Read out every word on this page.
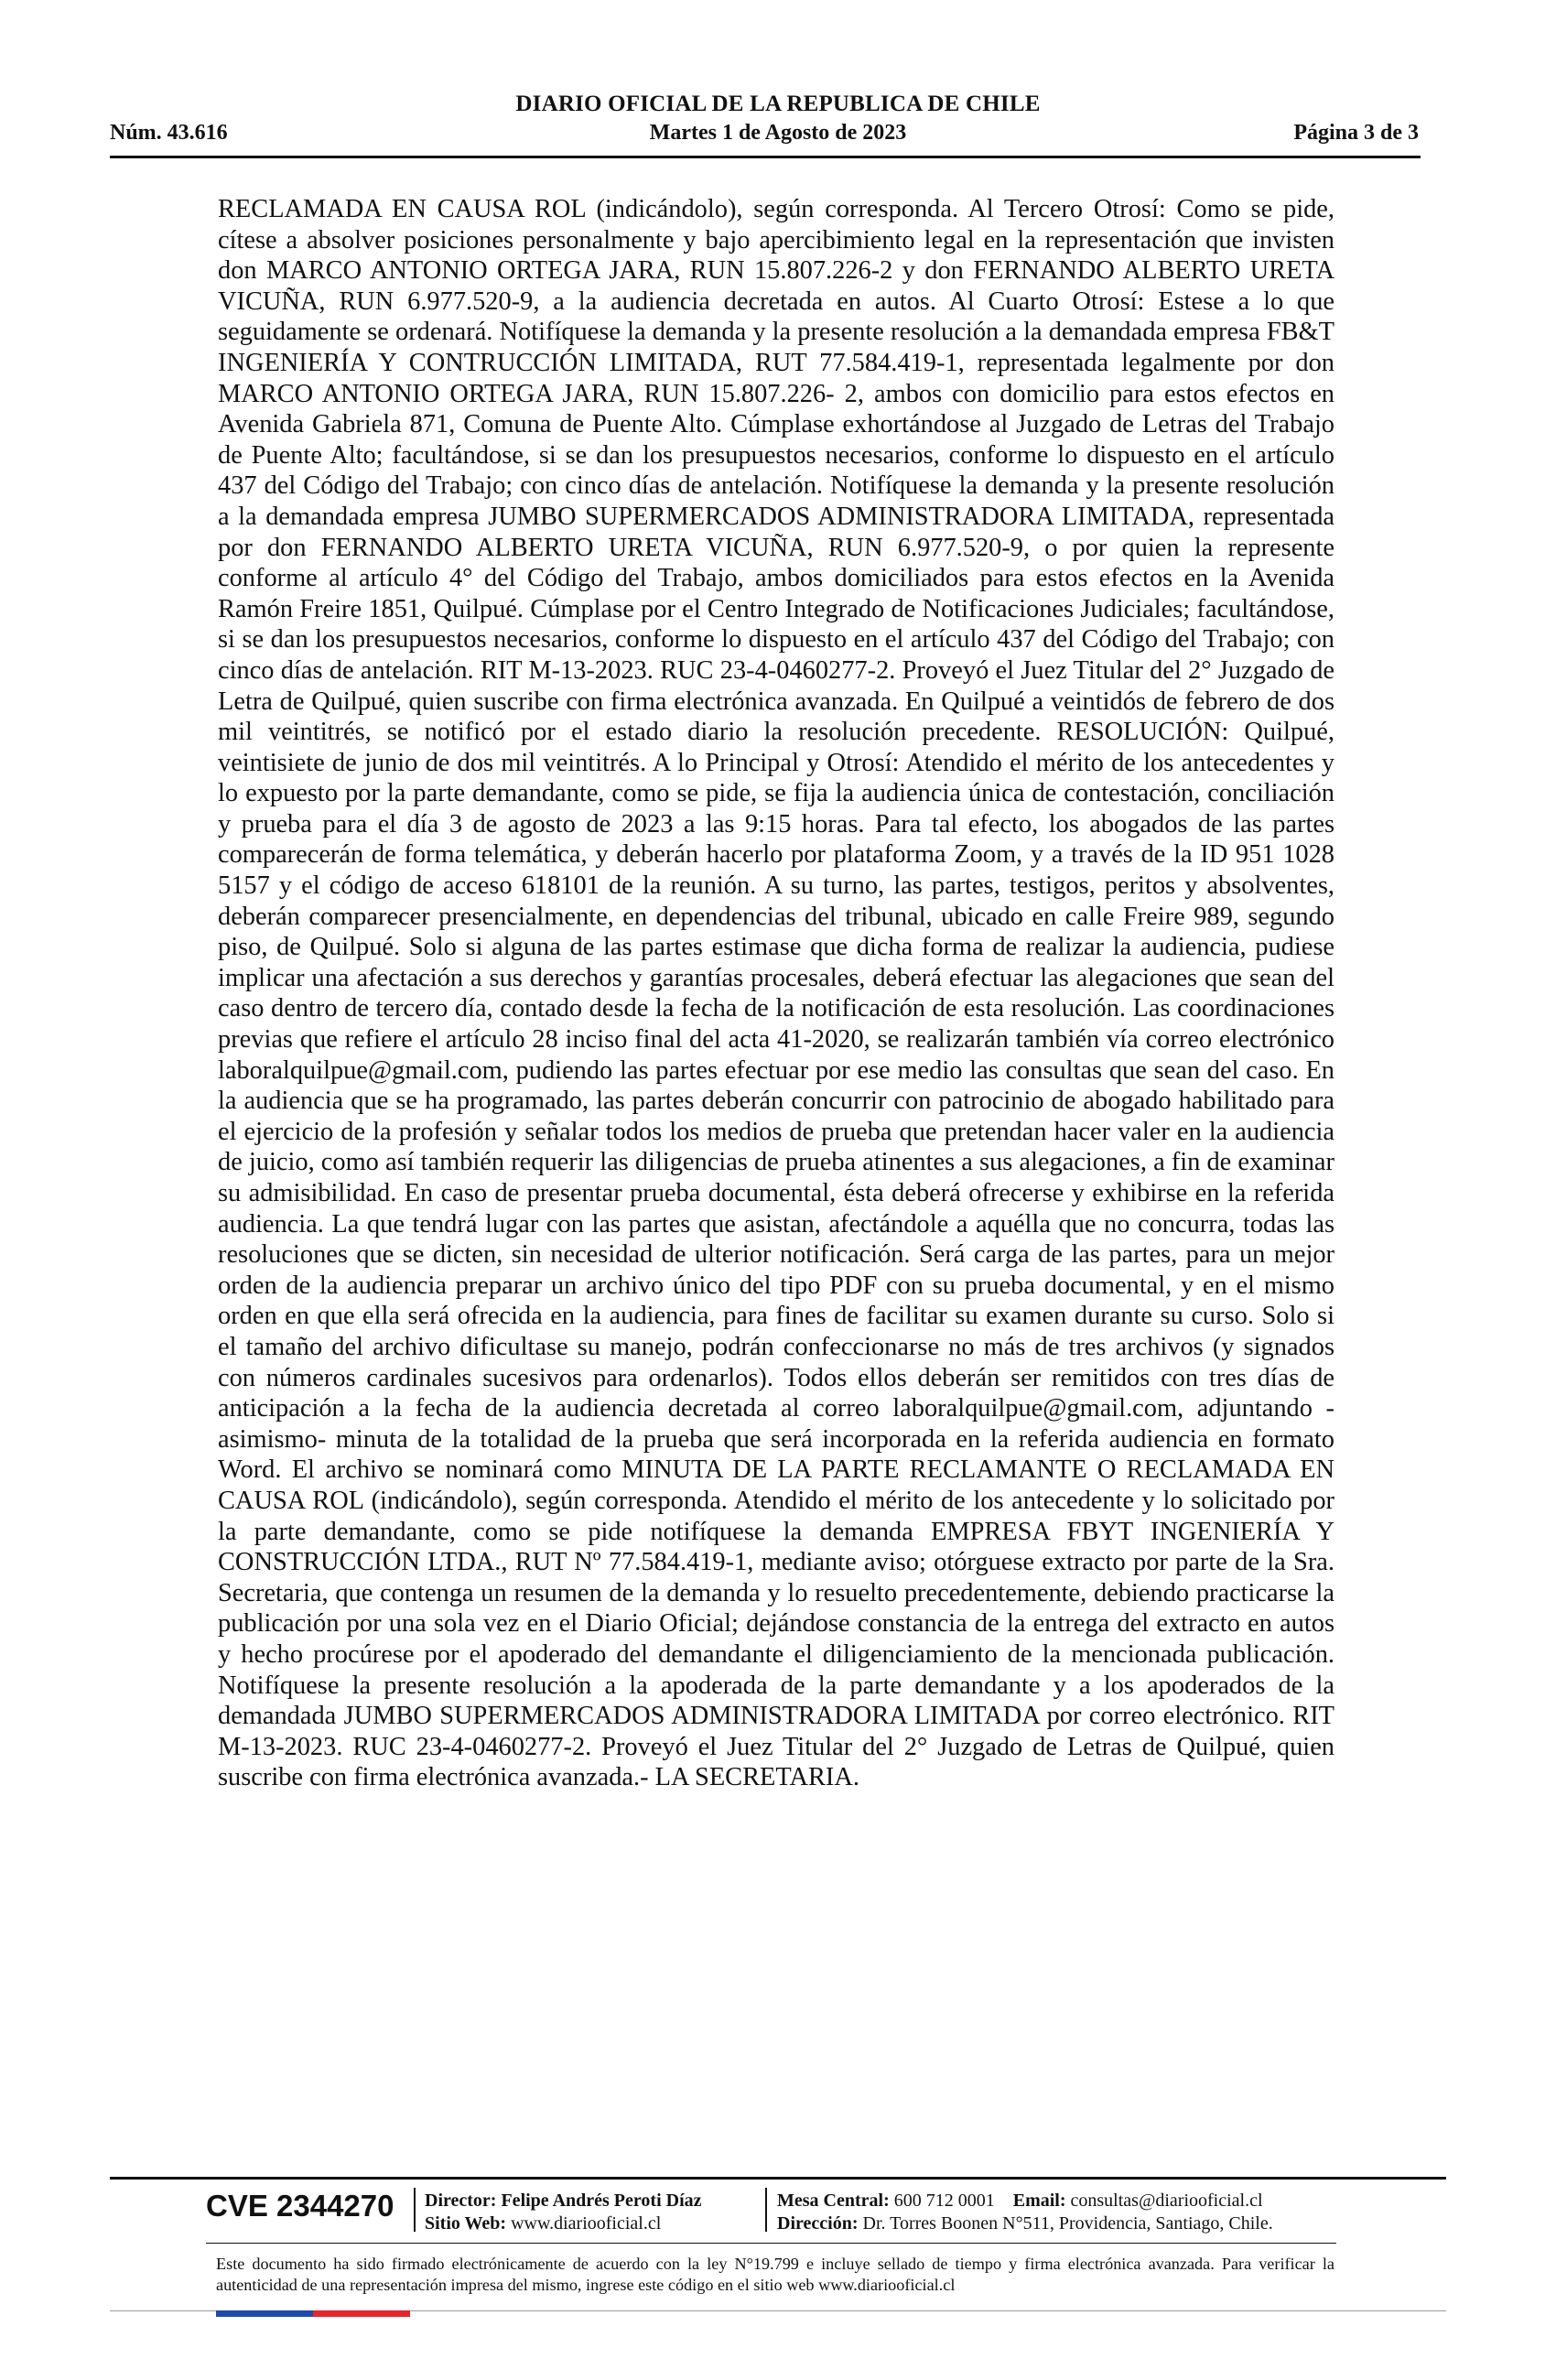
DIARIO OFICIAL DE LA REPUBLICA DE CHILE
Núm. 43.616	Martes 1 de Agosto de 2023	Página 3 de 3
RECLAMADA EN CAUSA ROL (indicándolo), según corresponda. Al Tercero Otrosí: Como se pide, cítese a absolver posiciones personalmente y bajo apercibimiento legal en la representación que invisten don MARCO ANTONIO ORTEGA JARA, RUN 15.807.226-2 y don FERNANDO ALBERTO URETA VICUÑA, RUN 6.977.520-9, a la audiencia decretada en autos. Al Cuarto Otrosí: Estese a lo que seguidamente se ordenará. Notifíquese la demanda y la presente resolución a la demandada empresa FB&T INGENIERÍA Y CONTRUCCIÓN LIMITADA, RUT 77.584.419-1, representada legalmente por don MARCO ANTONIO ORTEGA JARA, RUN 15.807.226- 2, ambos con domicilio para estos efectos en Avenida Gabriela 871, Comuna de Puente Alto. Cúmplase exhortándose al Juzgado de Letras del Trabajo de Puente Alto; facultándose, si se dan los presupuestos necesarios, conforme lo dispuesto en el artículo 437 del Código del Trabajo; con cinco días de antelación. Notifíquese la demanda y la presente resolución a la demandada empresa JUMBO SUPERMERCADOS ADMINISTRADORA LIMITADA, representada por don FERNANDO ALBERTO URETA VICUÑA, RUN 6.977.520-9, o por quien la represente conforme al artículo 4° del Código del Trabajo, ambos domiciliados para estos efectos en la Avenida Ramón Freire 1851, Quilpué. Cúmplase por el Centro Integrado de Notificaciones Judiciales; facultándose, si se dan los presupuestos necesarios, conforme lo dispuesto en el artículo 437 del Código del Trabajo; con cinco días de antelación. RIT M-13-2023. RUC 23-4-0460277-2. Proveyó el Juez Titular del 2° Juzgado de Letra de Quilpué, quien suscribe con firma electrónica avanzada. En Quilpué a veintidós de febrero de dos mil veintitrés, se notificó por el estado diario la resolución precedente. RESOLUCIÓN: Quilpué, veintisiete de junio de dos mil veintitrés. A lo Principal y Otrosí: Atendido el mérito de los antecedentes y lo expuesto por la parte demandante, como se pide, se fija la audiencia única de contestación, conciliación y prueba para el día 3 de agosto de 2023 a las 9:15 horas. Para tal efecto, los abogados de las partes comparecerán de forma telemática, y deberán hacerlo por plataforma Zoom, y a través de la ID 951 1028 5157 y el código de acceso 618101 de la reunión. A su turno, las partes, testigos, peritos y absolventes, deberán comparecer presencialmente, en dependencias del tribunal, ubicado en calle Freire 989, segundo piso, de Quilpué. Solo si alguna de las partes estimase que dicha forma de realizar la audiencia, pudiese implicar una afectación a sus derechos y garantías procesales, deberá efectuar las alegaciones que sean del caso dentro de tercero día, contado desde la fecha de la notificación de esta resolución. Las coordinaciones previas que refiere el artículo 28 inciso final del acta 41-2020, se realizarán también vía correo electrónico laboralquilpue@gmail.com, pudiendo las partes efectuar por ese medio las consultas que sean del caso. En la audiencia que se ha programado, las partes deberán concurrir con patrocinio de abogado habilitado para el ejercicio de la profesión y señalar todos los medios de prueba que pretendan hacer valer en la audiencia de juicio, como así también requerir las diligencias de prueba atinentes a sus alegaciones, a fin de examinar su admisibilidad. En caso de presentar prueba documental, ésta deberá ofrecerse y exhibirse en la referida audiencia. La que tendrá lugar con las partes que asistan, afectándole a aquélla que no concurra, todas las resoluciones que se dicten, sin necesidad de ulterior notificación. Será carga de las partes, para un mejor orden de la audiencia preparar un archivo único del tipo PDF con su prueba documental, y en el mismo orden en que ella será ofrecida en la audiencia, para fines de facilitar su examen durante su curso. Solo si el tamaño del archivo dificultase su manejo, podrán confeccionarse no más de tres archivos (y signados con números cardinales sucesivos para ordenarlos). Todos ellos deberán ser remitidos con tres días de anticipación a la fecha de la audiencia decretada al correo laboralquilpue@gmail.com, adjuntando -asimismo- minuta de la totalidad de la prueba que será incorporada en la referida audiencia en formato Word. El archivo se nominará como MINUTA DE LA PARTE RECLAMANTE O RECLAMADA EN CAUSA ROL (indicándolo), según corresponda. Atendido el mérito de los antecedente y lo solicitado por la parte demandante, como se pide notifíquese la demanda EMPRESA FBYT INGENIERÍA Y CONSTRUCCIÓN LTDA., RUT Nº 77.584.419-1, mediante aviso; otórguese extracto por parte de la Sra. Secretaria, que contenga un resumen de la demanda y lo resuelto precedentemente, debiendo practicarse la publicación por una sola vez en el Diario Oficial; dejándose constancia de la entrega del extracto en autos y hecho procúrese por el apoderado del demandante el diligenciamiento de la mencionada publicación. Notifíquese la presente resolución a la apoderada de la parte demandante y a los apoderados de la demandada JUMBO SUPERMERCADOS ADMINISTRADORA LIMITADA por correo electrónico. RIT M-13-2023. RUC 23-4-0460277-2. Proveyó el Juez Titular del 2° Juzgado de Letras de Quilpué, quien suscribe con firma electrónica avanzada.- LA SECRETARIA.
CVE 2344270 Director: Felipe Andrés Peroti Díaz
Sitio Web: www.diariooficial.cl
Mesa Central: 600 712 0001 Email: consultas@diariooficial.cl
Dirección: Dr. Torres Boonen N°511, Providencia, Santiago, Chile.
Este documento ha sido firmado electrónicamente de acuerdo con la ley N°19.799 e incluye sellado de tiempo y firma electrónica avanzada. Para verificar la autenticidad de una representación impresa del mismo, ingrese este código en el sitio web www.diariooficial.cl
